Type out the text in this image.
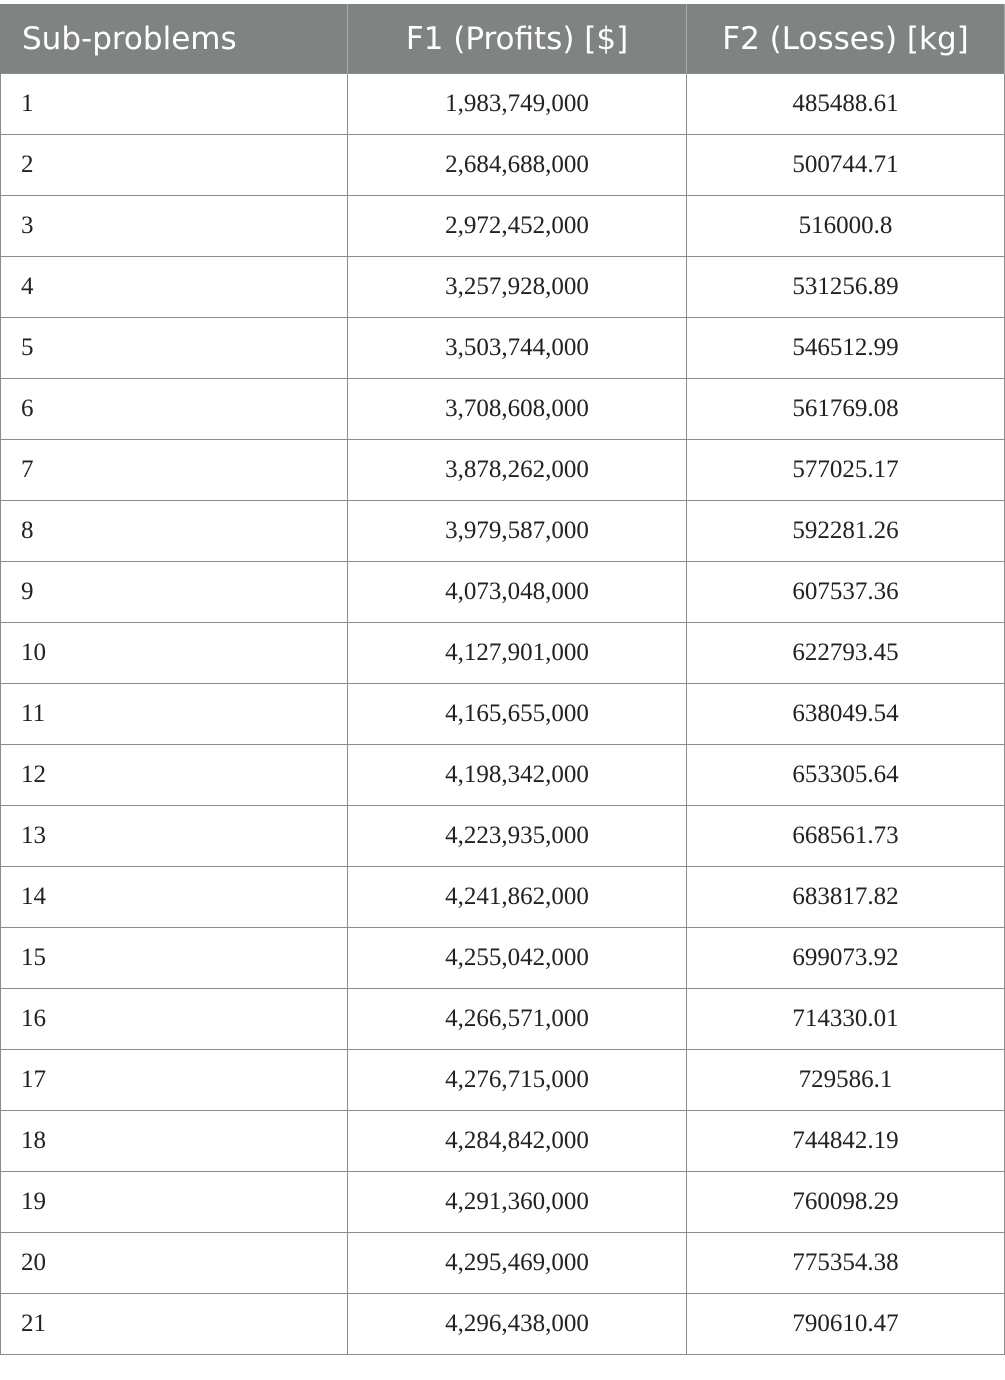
Sub-problems	F1 (Profits) [$]	F2 (Losses) [kg]
1	1,983,749,000	485488.61
2	2,684,688,000	500744.71
3	2,972,452,000	516000.8
4	3,257,928,000	531256.89
5	3,503,744,000	546512.99
6	3,708,608,000	561769.08
7	3,878,262,000	577025.17
8	3,979,587,000	592281.26
9	4,073,048,000	607537.36
10	4,127,901,000	622793.45
11	4,165,655,000	638049.54
12	4,198,342,000	653305.64
13	4,223,935,000	668561.73
14	4,241,862,000	683817.82
15	4,255,042,000	699073.92
16	4,266,571,000	714330.01
17	4,276,715,000	729586.1
18	4,284,842,000	744842.19
19	4,291,360,000	760098.29
20	4,295,469,000	775354.38
21	4,296,438,000	790610.47
